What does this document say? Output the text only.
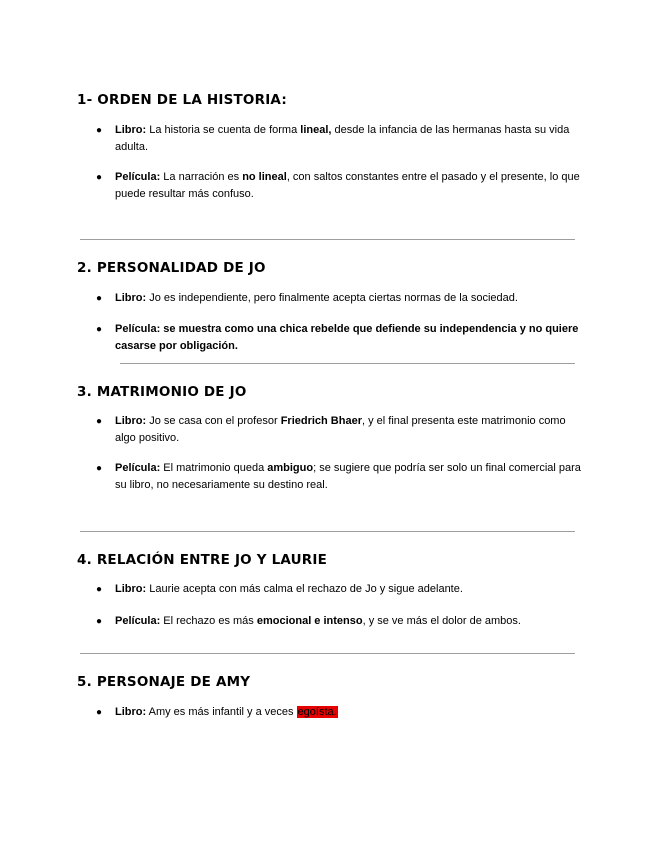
1- ORDEN DE LA HISTORIA:
●	Libro: La historia se cuenta de forma lineal, desde la infancia de las hermanas hasta su vida adulta.
●	Película: La narración es no lineal, con saltos constantes entre el pasado y el presente, lo que puede resultar más confuso.
2. PERSONALIDAD DE JO
●	Libro: Jo es independiente, pero finalmente acepta ciertas normas de la sociedad.
●	Película: se muestra como una chica rebelde que defiende su independencia y no quiere casarse por obligación.
3. MATRIMONIO DE JO
●	Libro: Jo se casa con el profesor Friedrich Bhaer, y el final presenta este matrimonio como algo positivo.
●	Película: El matrimonio queda ambiguo; se sugiere que podría ser solo un final comercial para su libro, no necesariamente su destino real.
4. RELACIÓN ENTRE JO Y LAURIE
●	Libro: Laurie acepta con más calma el rechazo de Jo y sigue adelante.
●	Película: El rechazo es más emocional e intenso, y se ve más el dolor de ambos.
5. PERSONAJE DE AMY
●	Libro: Amy es más infantil y a veces egoísta.
